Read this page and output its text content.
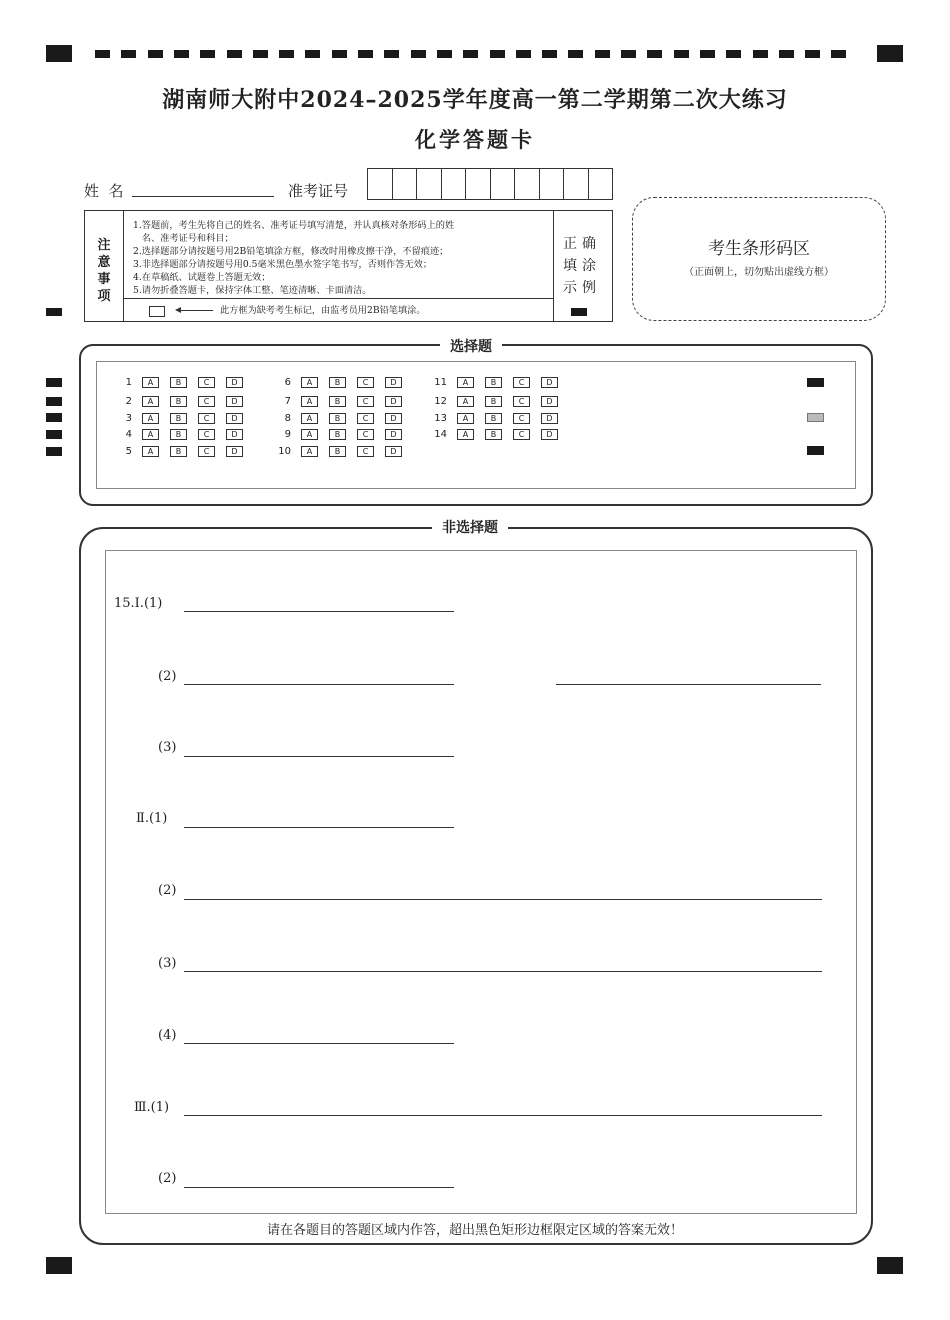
湖南师大附中2024–2025学年度高一第二学期第二次大练习
化学答题卡
姓  名	准考证号
注意事项
1.答题前，考生先将自己的姓名、准考证号填写清楚，并认真核对条形码上的姓
名、准考证号和科目；
2.选择题部分请按题号用2B铅笔填涂方框，修改时用橡皮擦干净，不留痕迹；
3.非选择题部分请按题号用0.5毫米黑色墨水签字笔书写，否则作答无效；
4.在草稿纸、试题卷上答题无效；
5.请勿折叠答题卡，保持字体工整、笔迹清晰、卡面清洁。
此方框为缺考考生标记，由监考员用2B铅笔填涂。
正确
填涂
示例
考生条形码区
（正面朝上，切勿贴出虚线方框）
选择题
1	A	B	C	D
2	A	B	C	D
3	A	B	C	D
4	A	B	C	D
5	A	B	C	D
6	A	B	C	D
7	A	B	C	D
8	A	B	C	D
9	A	B	C	D
10	A	B	C	D
11	A	B	C	D
12	A	B	C	D
13	A	B	C	D
14	A	B	C	D
非选择题
15.Ⅰ.(1)
(2)
(3)
Ⅱ.(1)
(2)
(3)
(4)
Ⅲ.(1)
(2)
请在各题目的答题区域内作答，超出黑色矩形边框限定区域的答案无效！
